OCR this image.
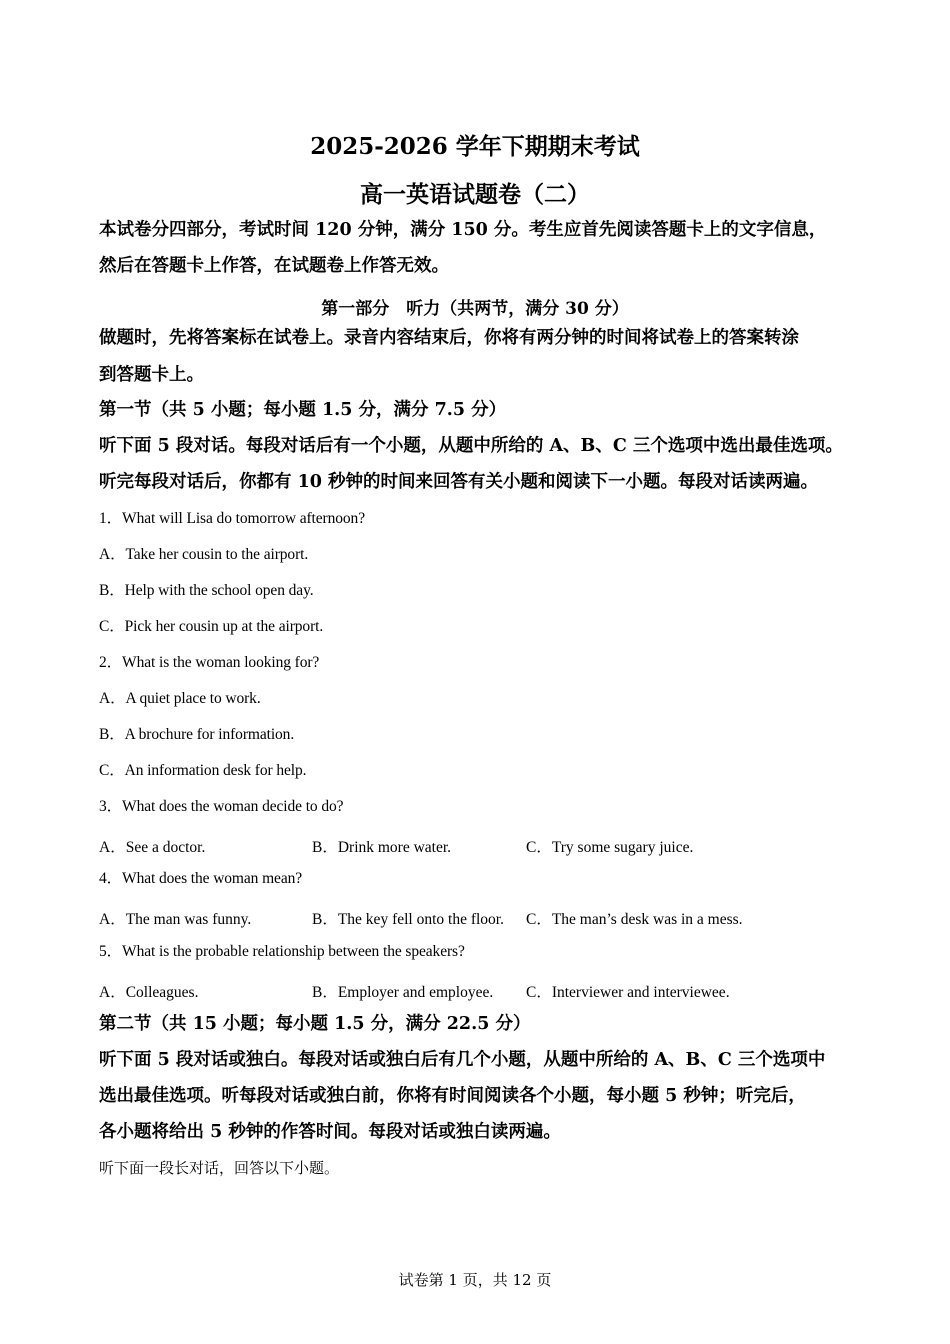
2025-2026 学年下期期末考试
高一英语试题卷（二）
本试卷分四部分，考试时间 120 分钟，满分 150 分。考生应首先阅读答题卡上的文字信息，
然后在答题卡上作答，在试题卷上作答无效。
第一部分　听力（共两节，满分 30 分）
做题时，先将答案标在试卷上。录音内容结束后，你将有两分钟的时间将试卷上的答案转涂
到答题卡上。
第一节（共 5 小题；每小题 1.5 分，满分 7.5 分）
听下面 5 段对话。每段对话后有一个小题，从题中所给的 A、B、C 三个选项中选出最佳选项。
听完每段对话后，你都有 10 秒钟的时间来回答有关小题和阅读下一小题。每段对话读两遍。
1．What will Lisa do tomorrow afternoon?
A．Take her cousin to the airport.
B．Help with the school open day.
C．Pick her cousin up at the airport.
2．What is the woman looking for?
A．A quiet place to work.
B．A brochure for information.
C．An information desk for help.
3．What does the woman decide to do?
A．See a doctor.	B．Drink more water.	C．Try some sugary juice.
4．What does the woman mean?
A．The man was funny.	B．The key fell onto the floor. C．The man’s desk was in a mess.
5．What is the probable relationship between the speakers?
A．Colleagues.	B．Employer and employee. C．Interviewer and interviewee.
第二节（共 15 小题；每小题 1.5 分，满分 22.5 分）
听下面 5 段对话或独白。每段对话或独白后有几个小题，从题中所给的 A、B、C 三个选项中
选出最佳选项。听每段对话或独白前，你将有时间阅读各个小题，每小题 5 秒钟；听完后，
各小题将给出 5 秒钟的作答时间。每段对话或独白读两遍。
听下面一段长对话，回答以下小题。
试卷第 1 页，共 12 页
